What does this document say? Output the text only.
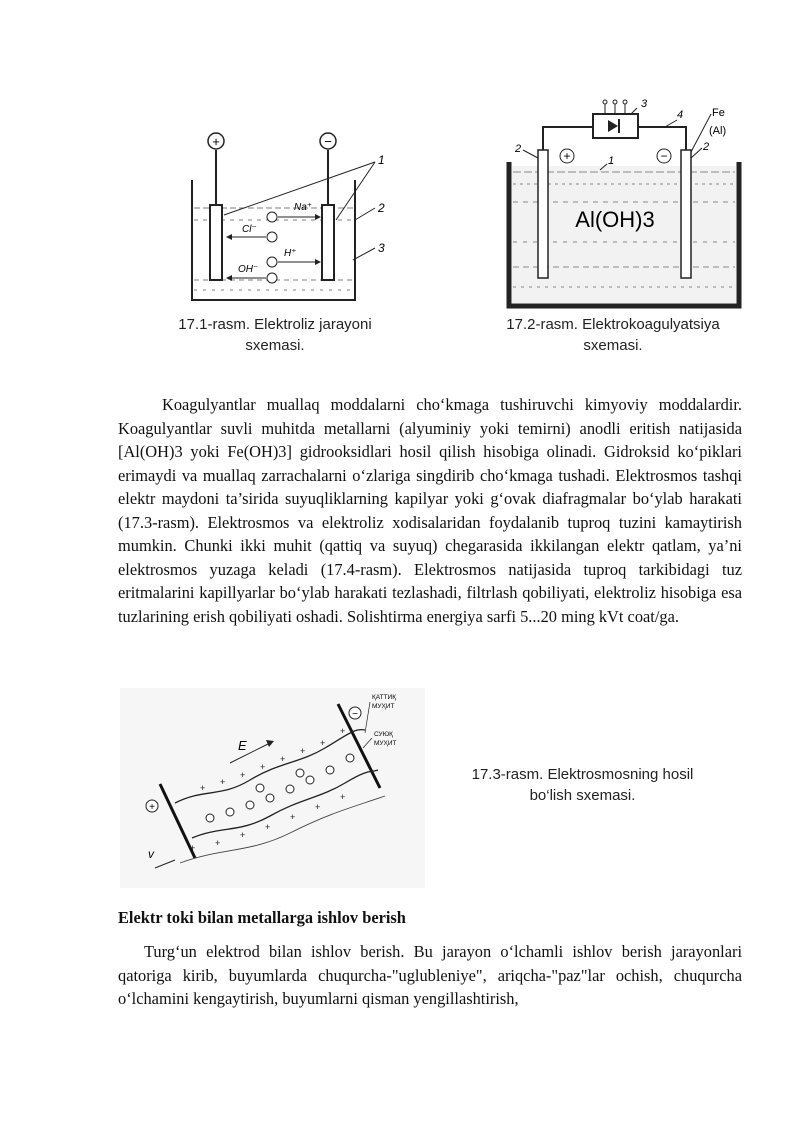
+	−
Na⁺
Cl⁻
H⁺
OH⁻
1
2
3
17.1-rasm. Elektroliz jarayoni
sxemasi.
+	−
Al(OH)3
3
4	Fe
(Al)
2	2
1
17.2-rasm. Elektrokoagulyatsiya
sxemasi.

Koagulyantlar muallaq moddalarni cho‘kmaga tushiruvchi kimyoviy moddalardir. Koagulyantlar suvli muhitda metallarni (alyuminiy yoki temirni) anodli eritish natijasida [Al(OH)3 yoki Fe(OH)3] gidrooksidlari hosil qilish hisobiga olinadi. Gidroksid ko‘piklari erimaydi va muallaq zarrachalarni o‘zlariga singdirib cho‘kmaga tushadi. Elektrosmos tashqi elektr maydoni ta’sirida suyuqliklarning kapilyar yoki g‘ovak diafragmalar bo‘ylab harakati (17.3-rasm). Elektrosmos va elektroliz xodisalaridan foydalanib tuproq tuzini kamaytirish mumkin. Chunki ikki muhit (qattiq va suyuq) chegarasida ikkilangan elektr qatlam, ya’ni elektrosmos yuzaga keladi (17.4-rasm). Elektrosmos natijasida tuproq tarkibidagi tuz eritmalarini kapillyarlar bo‘ylab harakati tezlashadi, filtrlash qobiliyati, elektroliz hisobiga esa tuzlarining erish qobiliyati oshadi. Solishtirma energiya sarfi 5...20 ming kVt coat/ga.

+
−
+
+
+
+
+
+
+
+
+ +
+
+
+
+
+
E
v
ҚАТТИҚ
МУҲИТ
СУЮҚ
МУҲИТ
17.3-rasm. Elektrosmosning hosil
bo‘lish sxemasi.
Elektr toki bilan metallarga ishlov berish

Turg‘un elektrod bilan ishlov berish. Bu jarayon o‘lchamli ishlov berish jarayonlari qatoriga kirib, buyumlarda chuqurcha-"uglubleniye", ariqcha-"paz"lar ochish, chuqurcha o‘lchamini kengaytirish, buyumlarni qisman yengillashtirish,
